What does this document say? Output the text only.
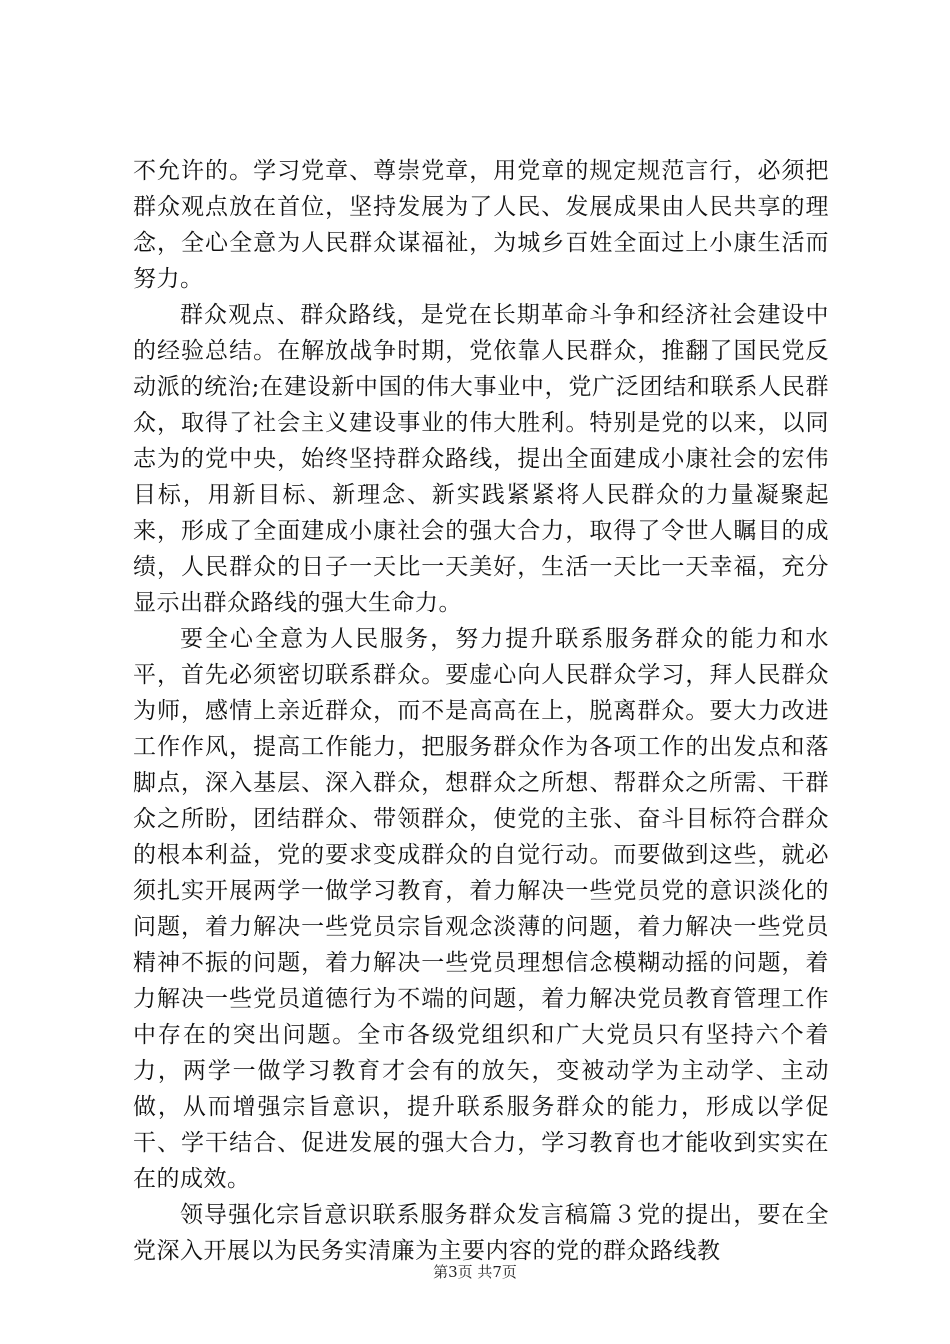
不允许的。学习党章、尊崇党章，用党章的规定规范言行，必须把群众观点放在首位，坚持发展为了人民、发展成果由人民共享的理念，全心全意为人民群众谋福祉，为城乡百姓全面过上小康生活而努力。

群众观点、群众路线，是党在长期革命斗争和经济社会建设中的经验总结。在解放战争时期，党依靠人民群众，推翻了国民党反动派的统治;在建设新中国的伟大事业中，党广泛团结和联系人民群众，取得了社会主义建设事业的伟大胜利。特别是党的以来，以同志为的党中央，始终坚持群众路线，提出全面建成小康社会的宏伟目标，用新目标、新理念、新实践紧紧将人民群众的力量凝聚起来，形成了全面建成小康社会的强大合力，取得了令世人瞩目的成绩，人民群众的日子一天比一天美好，生活一天比一天幸福，充分显示出群众路线的强大生命力。

要全心全意为人民服务，努力提升联系服务群众的能力和水平，首先必须密切联系群众。要虚心向人民群众学习，拜人民群众为师，感情上亲近群众，而不是高高在上，脱离群众。要大力改进工作作风，提高工作能力，把服务群众作为各项工作的出发点和落脚点，深入基层、深入群众，想群众之所想、帮群众之所需、干群众之所盼，团结群众、带领群众，使党的主张、奋斗目标符合群众的根本利益，党的要求变成群众的自觉行动。而要做到这些，就必须扎实开展两学一做学习教育，着力解决一些党员党的意识淡化的问题，着力解决一些党员宗旨观念淡薄的问题，着力解决一些党员精神不振的问题，着力解决一些党员理想信念模糊动摇的问题，着力解决一些党员道德行为不端的问题，着力解决党员教育管理工作中存在的突出问题。全市各级党组织和广大党员只有坚持六个着力，两学一做学习教育才会有的放矢，变被动学为主动学、主动做，从而增强宗旨意识，提升联系服务群众的能力，形成以学促干、学干结合、促进发展的强大合力，学习教育也才能收到实实在在的成效。

领导强化宗旨意识联系服务群众发言稿篇３党的提出，要在全党深入开展以为民务实清廉为主要内容的党的群众路线教

第3页 共7页
